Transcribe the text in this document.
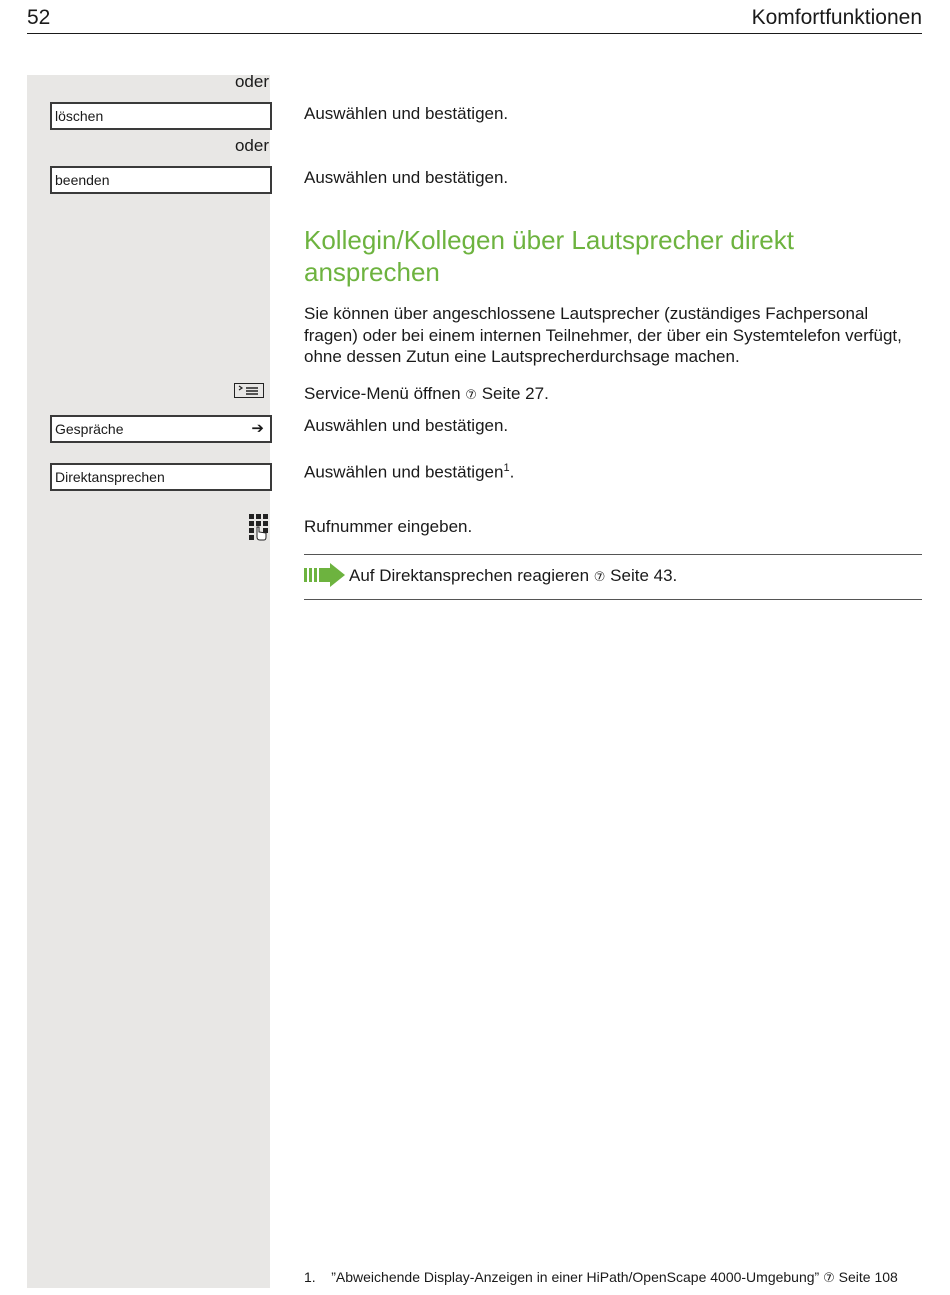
52	Komfortfunktionen
oder
löschen	Auswählen und bestätigen.
oder
beenden	Auswählen und bestätigen.
Kollegin/Kollegen über Lautsprecher direkt ansprechen
Sie können über angeschlossene Lautsprecher (zuständiges Fachpersonal fragen) oder bei einem internen Teilnehmer, der über ein Systemtelefon verfügt, ohne dessen Zutun eine Lautsprecherdurchsage machen.
Service-Menü öffnen ⑦ Seite 27.
Gespräche	➔ Auswählen und bestätigen.
Direktansprechen	Auswählen und bestätigen$^1$.
Rufnummer eingeben.
Auf Direktansprechen reagieren ⑦ Seite 43.
1. ”Abweichende Display-Anzeigen in einer HiPath/OpenScape 4000-Umgebung” ⑦ Seite 108
